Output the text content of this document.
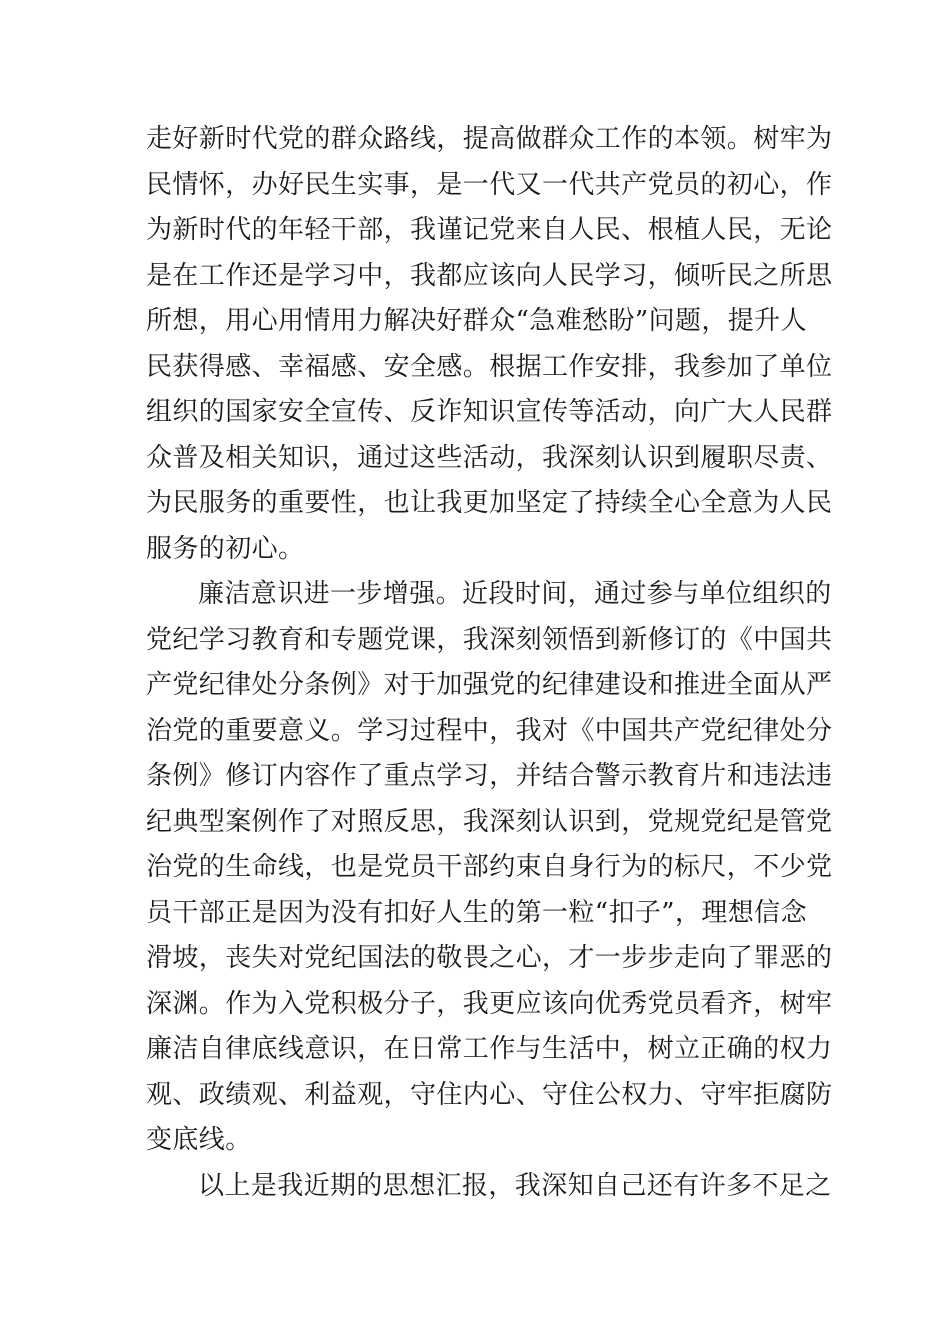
走好新时代党的群众路线，提高做群众工作的本领。树牢为
民情怀，办好民生实事，是一代又一代共产党员的初心，作
为新时代的年轻干部，我谨记党来自人民、根植人民，无论
是在工作还是学习中，我都应该向人民学习，倾听民之所思
所想，用心用情用力解决好群众“急难愁盼”问题，提升人
民获得感、幸福感、安全感。根据工作安排，我参加了单位
组织的国家安全宣传、反诈知识宣传等活动，向广大人民群
众普及相关知识，通过这些活动，我深刻认识到履职尽责、
为民服务的重要性，也让我更加坚定了持续全心全意为人民
服务的初心。
廉洁意识进一步增强。近段时间，通过参与单位组织的
党纪学习教育和专题党课，我深刻领悟到新修订的《中国共
产党纪律处分条例》对于加强党的纪律建设和推进全面从严
治党的重要意义。学习过程中，我对《中国共产党纪律处分
条例》修订内容作了重点学习，并结合警示教育片和违法违
纪典型案例作了对照反思，我深刻认识到，党规党纪是管党
治党的生命线，也是党员干部约束自身行为的标尺，不少党
员干部正是因为没有扣好人生的第一粒“扣子”，理想信念
滑坡，丧失对党纪国法的敬畏之心，才一步步走向了罪恶的
深渊。作为入党积极分子，我更应该向优秀党员看齐，树牢
廉洁自律底线意识，在日常工作与生活中，树立正确的权力
观、政绩观、利益观，守住内心、守住公权力、守牢拒腐防
变底线。
以上是我近期的思想汇报，我深知自己还有许多不足之
